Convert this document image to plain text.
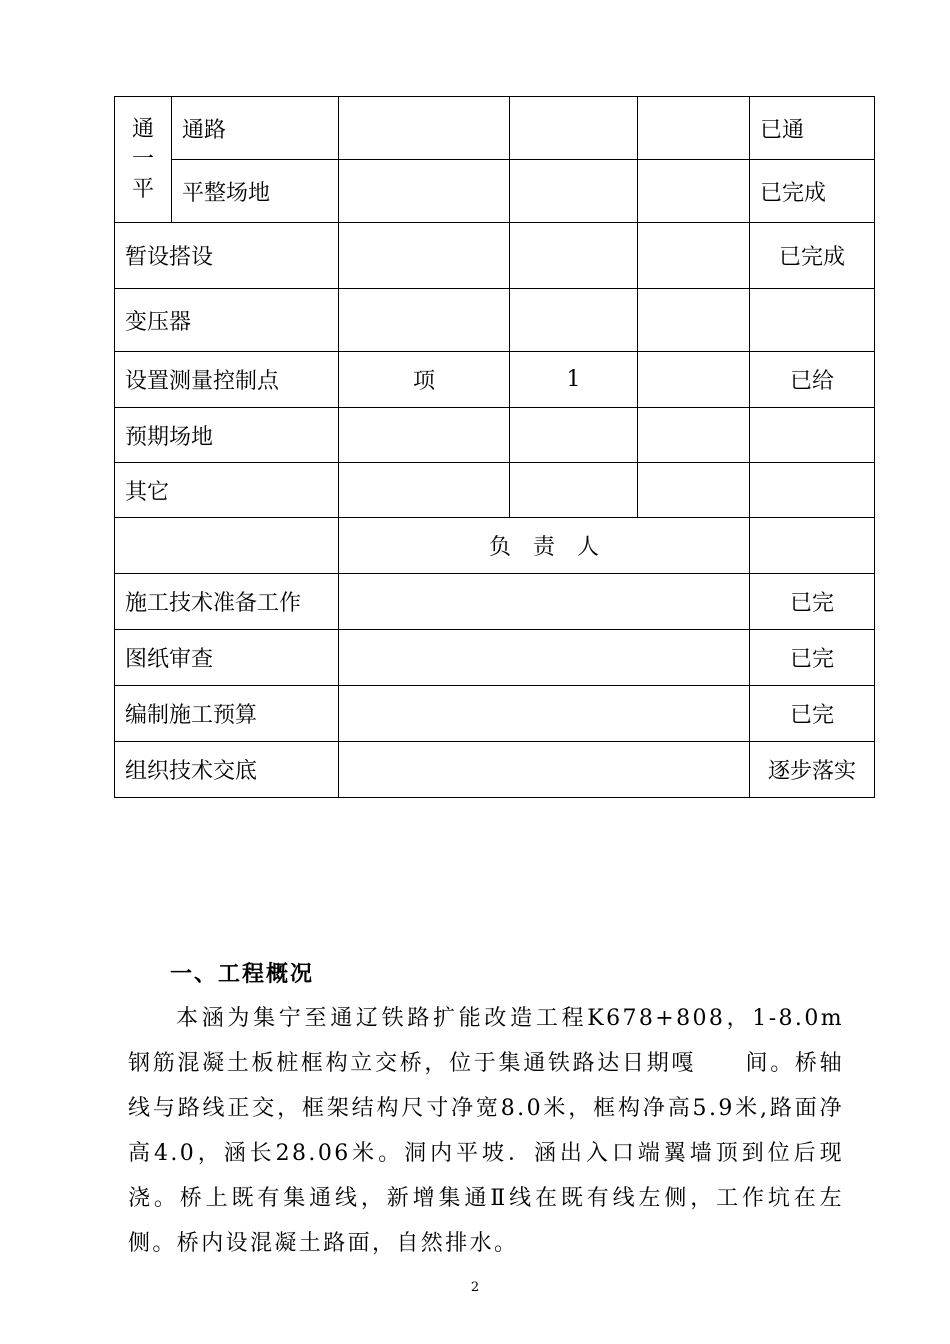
通
一
平	通路				已通
	平整场地				已完成
暂设搭设					已完成
变压器					
设置测量控制点		项	1		已给
预期场地					
其它					
		负　责　人			
施工技术准备工作					已完
图纸审查					已完
编制施工预算					已完
组织技术交底					逐步落实
一、工程概况

本涵为集宁至通辽铁路扩能改造工程K678+808，1-8.0m钢筋混凝土板桩框构立交桥，位于集通铁路达日期嘎　　间。桥轴线与路线正交，框架结构尺寸净宽8.0米，框构净高5.9米,路面净高4.0，涵长28.06米。洞内平坡．涵出入口端翼墙顶到位后现浇。桥上既有集通线，新增集通Ⅱ线在既有线左侧，工作坑在左侧。桥内设混凝土路面，自然排水。

2
